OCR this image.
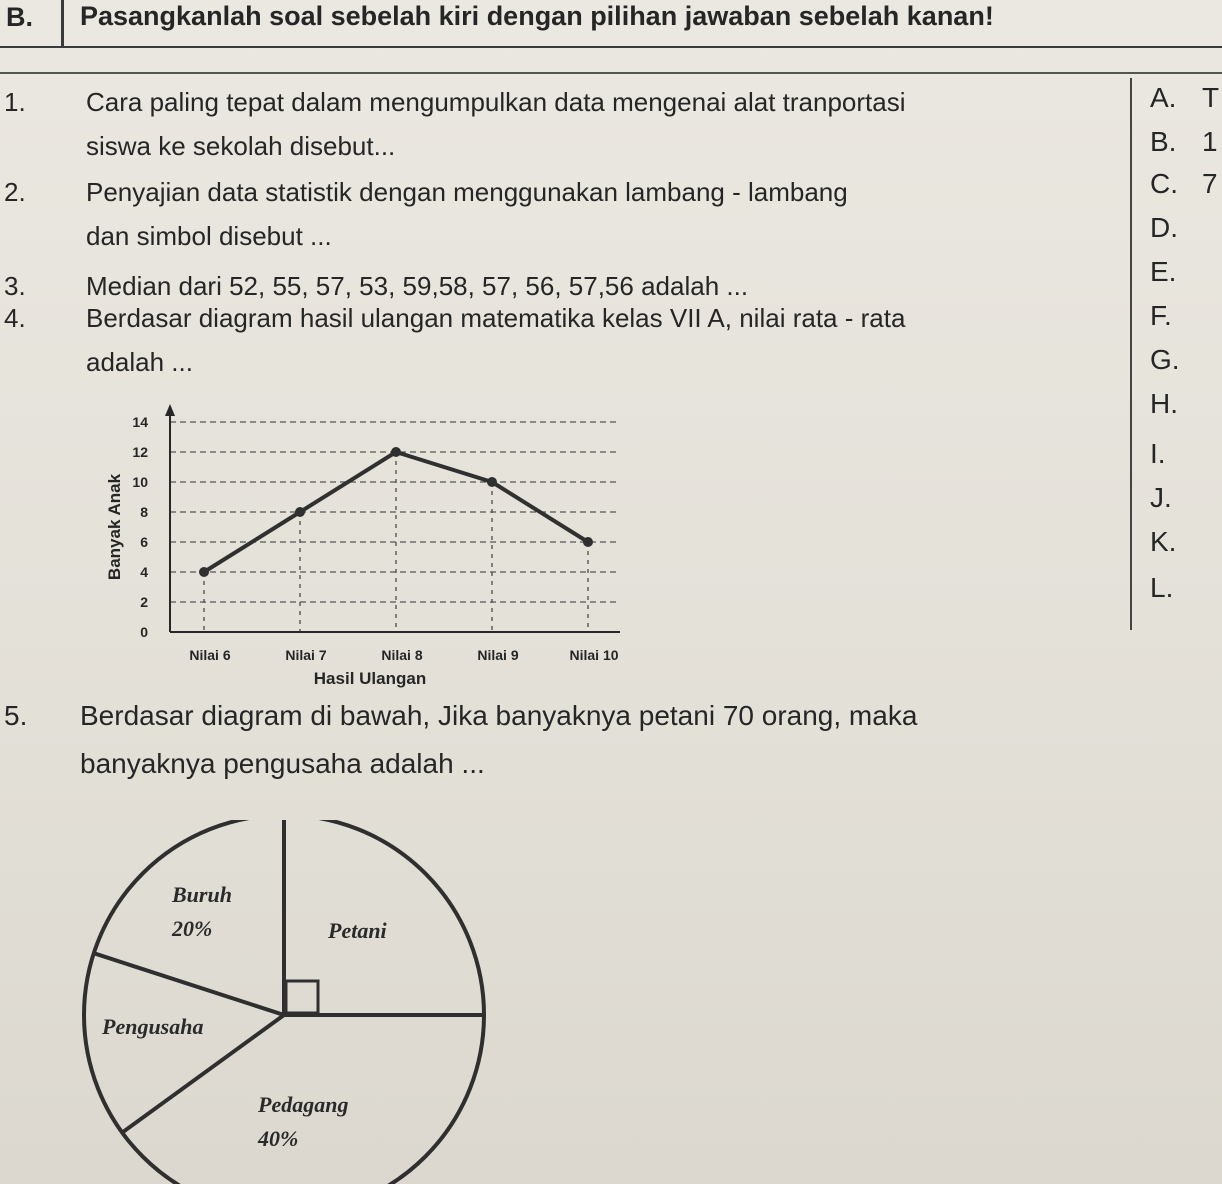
B.	Pasangkanlah soal sebelah kiri dengan pilihan jawaban sebelah kanan!
1. Cara paling tepat dalam mengumpulkan data mengenai alat tranportasi
siswa ke sekolah disebut...
2. Penyajian data statistik dengan menggunakan lambang - lambang
dan simbol disebut ...
3. Median dari 52, 55, 57, 53, 59,58, 57, 56, 57,56 adalah ...
4. Berdasar diagram hasil ulangan matematika kelas VII A, nilai rata - rata
adalah ...
A. T
B. 1
C. 7
D.
E.
F.
G.
H.
I.
J.
K.
L.
0
2
4
6
8
10
12
14
Nilai 6	Nilai 7	Nilai 8	Nilai 9	Nilai 10
Hasil Ulangan
Banyak Anak
5. Berdasar diagram di bawah, Jika banyaknya petani 70 orang, maka
banyaknya pengusaha adalah ...
Buruh
20%	Petani
Pengusaha
Pedagang
40%
